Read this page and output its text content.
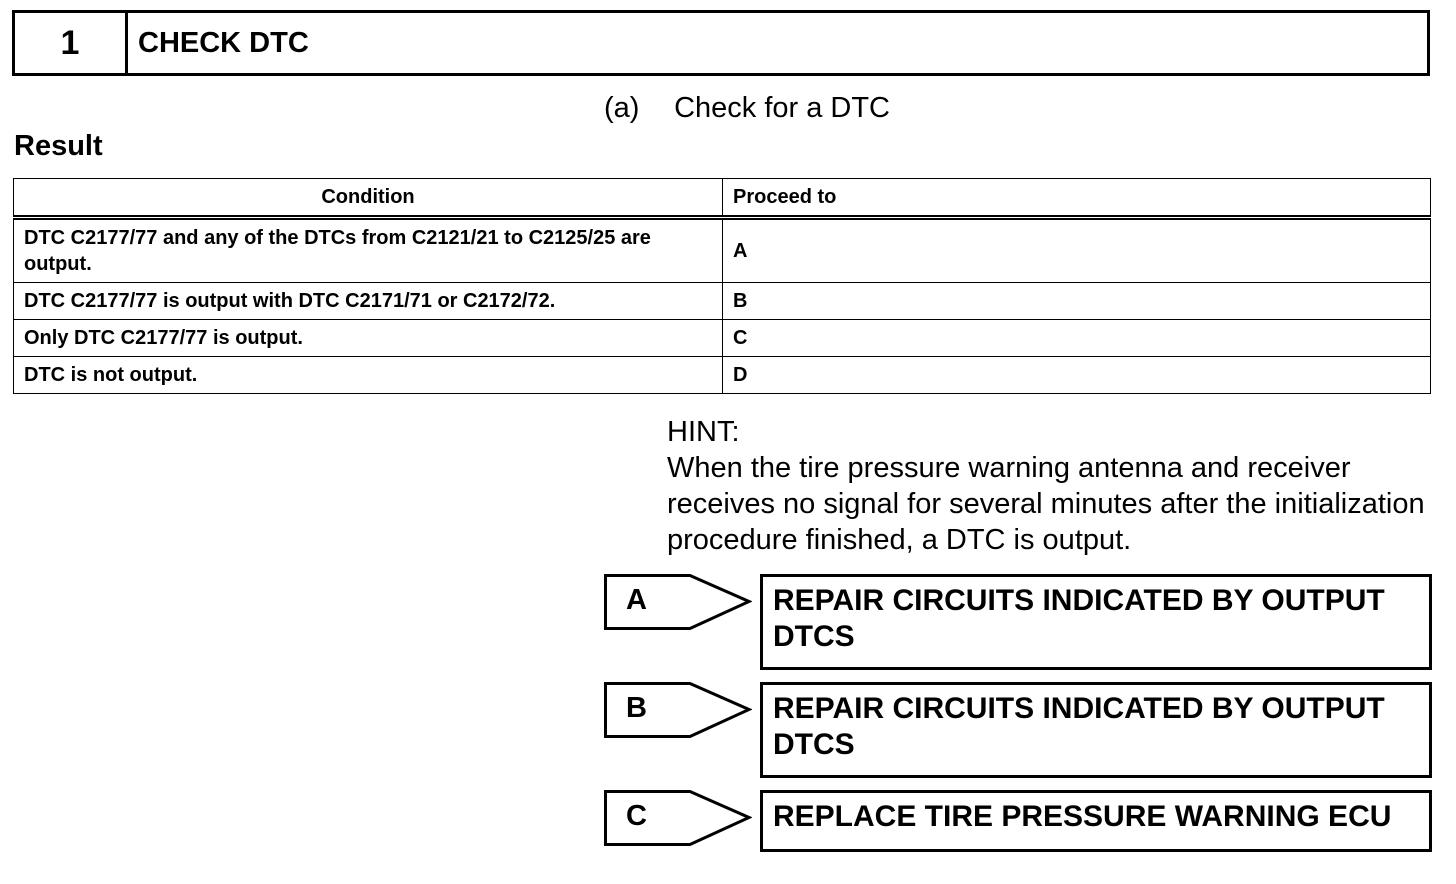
1	CHECK DTC
(a) Check for a DTC
Result
Condition	Proceed to
DTC C2177/77 and any of the DTCs from C2121/21 to C2125/25 are output.	A
DTC C2177/77 is output with DTC C2171/71 or C2172/72.	B
Only DTC C2177/77 is output.	C
DTC is not output.	D
HINT:

When the tire pressure warning antenna and receiver receives no signal for several minutes after the initialization procedure finished, a DTC is output.

A	REPAIR CIRCUITS INDICATED BY OUTPUT DTCS
B	REPAIR CIRCUITS INDICATED BY OUTPUT DTCS
C	REPLACE TIRE PRESSURE WARNING ECU
